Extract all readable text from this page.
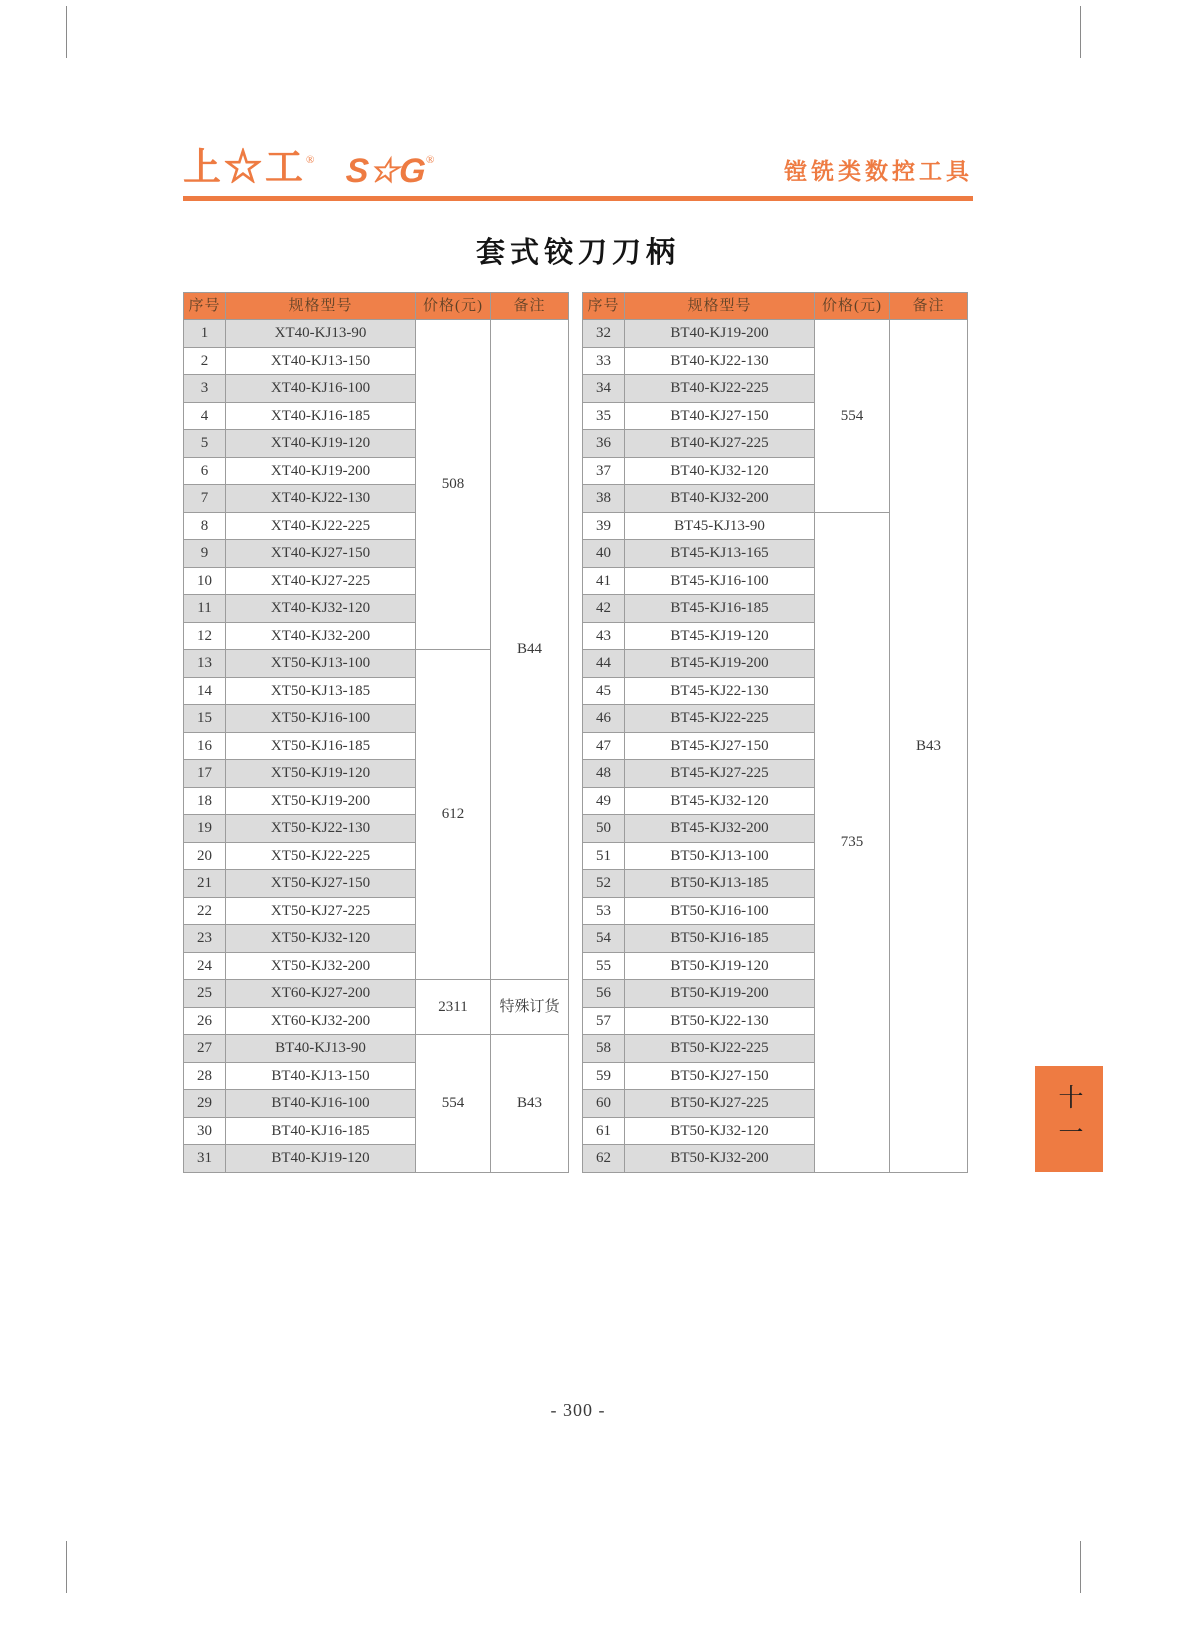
上☆工® S☆G®	镗铣类数控工具
套式铰刀刀柄
序号	规格型号	价格(元)	备注
1	XT40-KJ13-90	508	B44
2	XT40-KJ13-150		
3	XT40-KJ16-100		
4	XT40-KJ16-185		
5	XT40-KJ19-120		
6	XT40-KJ19-200		
7	XT40-KJ22-130		
8	XT40-KJ22-225		
9	XT40-KJ27-150		
10	XT40-KJ27-225		
11	XT40-KJ32-120		
12	XT40-KJ32-200		
13	XT50-KJ13-100	612	
14	XT50-KJ13-185		
15	XT50-KJ16-100		
16	XT50-KJ16-185		
17	XT50-KJ19-120		
18	XT50-KJ19-200		
19	XT50-KJ22-130		
20	XT50-KJ22-225		
21	XT50-KJ27-150		
22	XT50-KJ27-225		
23	XT50-KJ32-120		
24	XT50-KJ32-200		
25	XT60-KJ27-200	2311	特殊订货
26	XT60-KJ32-200		
27	BT40-KJ13-90	554	B43
28	BT40-KJ13-150		
29	BT40-KJ16-100		
30	BT40-KJ16-185		
31	BT40-KJ19-120		
序号	规格型号	价格(元)	备注
32	BT40-KJ19-200	554	B43
33	BT40-KJ22-130		
34	BT40-KJ22-225		
35	BT40-KJ27-150		
36	BT40-KJ27-225		
37	BT40-KJ32-120		
38	BT40-KJ32-200		
39	BT45-KJ13-90	735	
40	BT45-KJ13-165		
41	BT45-KJ16-100		
42	BT45-KJ16-185		
43	BT45-KJ19-120		
44	BT45-KJ19-200		
45	BT45-KJ22-130		
46	BT45-KJ22-225		
47	BT45-KJ27-150		
48	BT45-KJ27-225		
49	BT45-KJ32-120		
50	BT45-KJ32-200		
51	BT50-KJ13-100		
52	BT50-KJ13-185		
53	BT50-KJ16-100		
54	BT50-KJ16-185		
55	BT50-KJ19-120		
56	BT50-KJ19-200		
57	BT50-KJ22-130		
58	BT50-KJ22-225		
59	BT50-KJ27-150		
60	BT50-KJ27-225		
61	BT50-KJ32-120		
62	BT50-KJ32-200		
- 300 -
十一
